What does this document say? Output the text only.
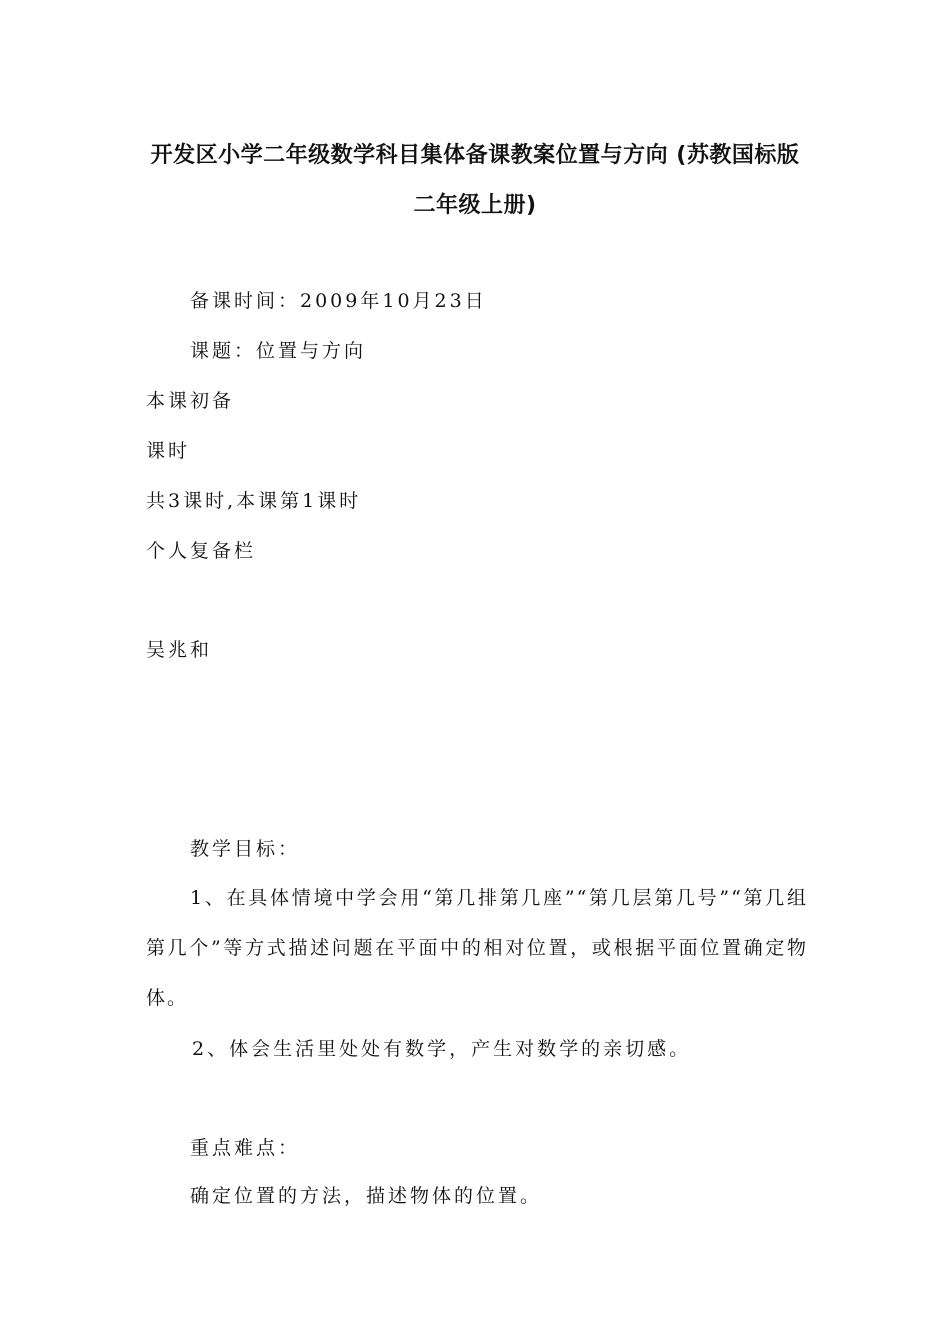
开发区小学二年级数学科目集体备课教案位置与方向 (苏教国标版
二年级上册)
备课时间：2009年10月23日
课题：位置与方向
本课初备
课时
共3课时,本课第1课时
个人复备栏
吴兆和
教学目标：
1、在具体情境中学会用“第几排第几座”“第几层第几号”“第几组第几个”等方式描述问题在平面中的相对位置，或根据平面位置确定物体。
2、体会生活里处处有数学，产生对数学的亲切感。
重点难点：
确定位置的方法，描述物体的位置。
